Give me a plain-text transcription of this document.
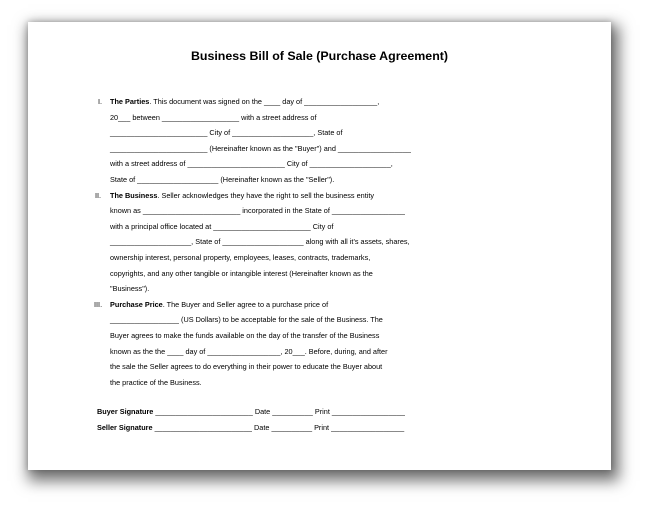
Business Bill of Sale (Purchase Agreement)
I. The Parties. This document was signed on the ____ day of __________________,
20___ between ___________________ with a street address of
________________________ City of ____________________, State of
________________________ (Hereinafter known as the "Buyer") and __________________
with a street address of ________________________ City of ____________________,
State of ____________________ (Hereinafter known as the "Seller").
II. The Business. Seller acknowledges they have the right to sell the business entity
known as ________________________ incorporated in the State of __________________
with a principal office located at ________________________ City of
____________________, State of ____________________ along with all it's assets, shares,
ownership interest, personal property, employees, leases, contracts, trademarks,
copyrights, and any other tangible or intangible interest (Hereinafter known as the
"Business").
III. Purchase Price. The Buyer and Seller agree to a purchase price of
_________________ (US Dollars) to be acceptable for the sale of the Business. The
Buyer agrees to make the funds available on the day of the transfer of the Business
known as the the ____ day of __________________, 20___. Before, during, and after
the sale the Seller agrees to do everything in their power to educate the Buyer about
the practice of the Business.
Buyer Signature ________________________ Date __________ Print __________________
Seller Signature ________________________ Date __________ Print __________________
